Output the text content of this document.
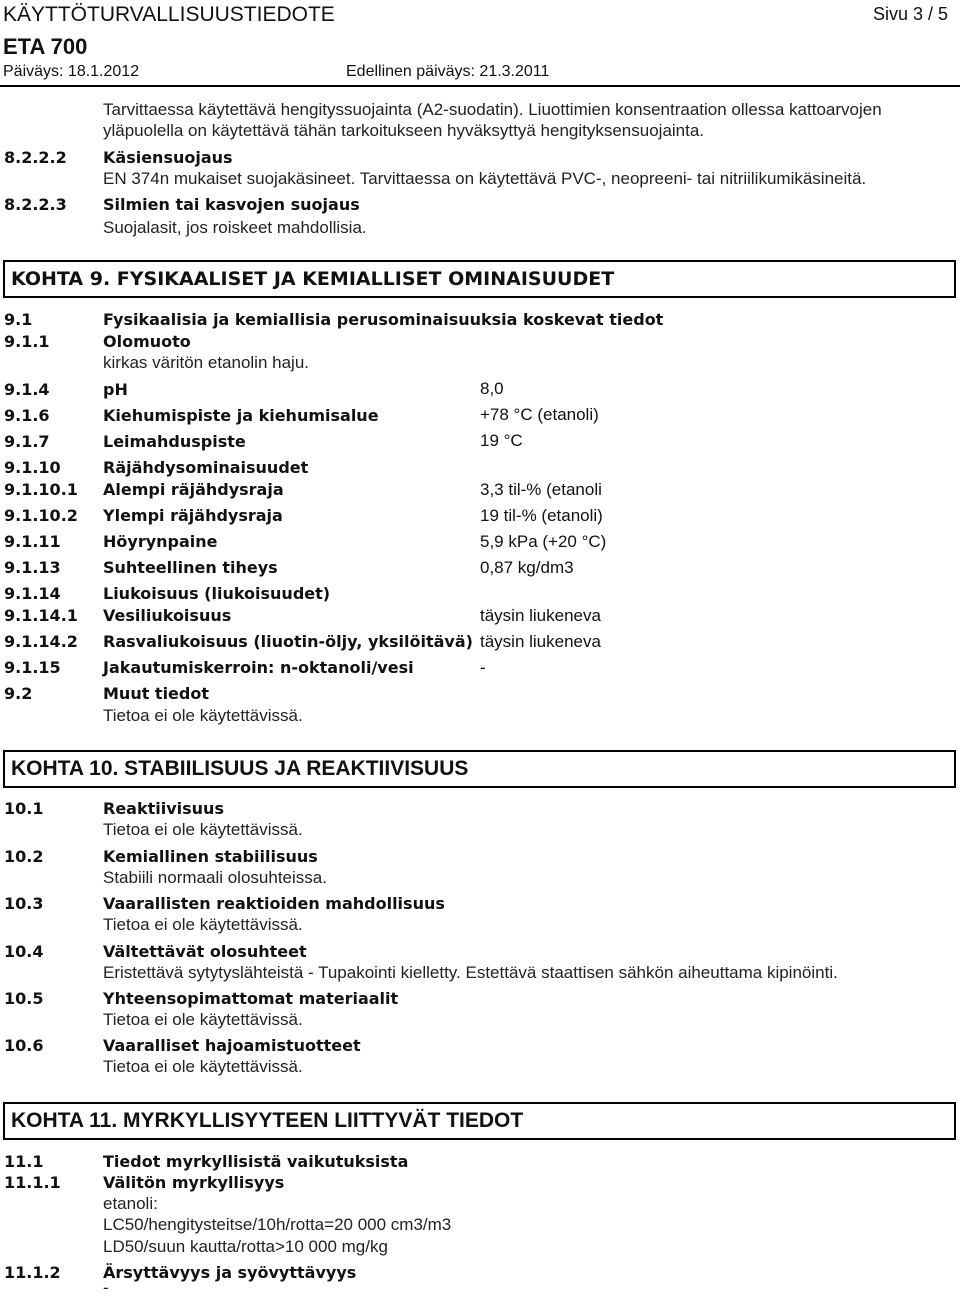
KÄYTTÖTURVALLISUUSTIEDOTE	Sivu 3 / 5
ETA 700
Päiväys: 18.1.2012	Edellinen päiväys: 21.3.2011
Tarvittaessa käytettävä hengityssuojainta (A2-suodatin). Liuottimien konsentraation ollessa kattoarvojen
yläpuolella on käytettävä tähän tarkoitukseen hyväksyttyä hengityksensuojainta.
8.2.2.2 Käsiensuojaus
EN 374n mukaiset suojakäsineet. Tarvittaessa on käytettävä PVC-, neopreeni- tai nitriilikumikäsineitä.
8.2.2.3 Silmien tai kasvojen suojaus
Suojalasit, jos roiskeet mahdollisia.
KOHTA 9. FYSIKAALISET JA KEMIALLISET OMINAISUUDET
9.1	Fysikaalisia ja kemiallisia perusominaisuuksia koskevat tiedot
9.1.1	Olomuoto
kirkas väritön etanolin haju.
9.1.4	pH	8,0
9.1.6	Kiehumispiste ja kiehumisalue	+78 °C (etanoli)
9.1.7	Leimahduspiste	19 °C
9.1.10	Räjähdysominaisuudet
9.1.10.1 Alempi räjähdysraja	3,3 til-% (etanoli
9.1.10.2 Ylempi räjähdysraja	19 til-% (etanoli)
9.1.11	Höyrynpaine	5,9 kPa (+20 °C)
9.1.13	Suhteellinen tiheys	0,87 kg/dm3
9.1.14	Liukoisuus (liukoisuudet)
9.1.14.1 Vesiliukoisuus	täysin liukeneva
9.1.14.2 Rasvaliukoisuus (liuotin-öljy, yksilöitävä) täysin liukeneva
9.1.15	Jakautumiskerroin: n-oktanoli/vesi	-
9.2	Muut tiedot
Tietoa ei ole käytettävissä.
KOHTA 10. STABIILISUUS JA REAKTIIVISUUS
10.1	Reaktiivisuus
Tietoa ei ole käytettävissä.
10.2	Kemiallinen stabiilisuus
Stabiili normaali olosuhteissa.
10.3	Vaarallisten reaktioiden mahdollisuus
Tietoa ei ole käytettävissä.
10.4	Vältettävät olosuhteet
Eristettävä sytytyslähteistä - Tupakointi kielletty. Estettävä staattisen sähkön aiheuttama kipinöinti.
10.5	Yhteensopimattomat materiaalit
Tietoa ei ole käytettävissä.
10.6	Vaaralliset hajoamistuotteet
Tietoa ei ole käytettävissä.
KOHTA 11. MYRKYLLISYYTEEN LIITTYVÄT TIEDOT
11.1	Tiedot myrkyllisistä vaikutuksista
11.1.1	Välitön myrkyllisyys
etanoli:
LC50/hengitysteitse/10h/rotta=20 000 cm3/m3
LD50/suun kautta/rotta>10 000 mg/kg
11.1.2	Ärsyttävyys ja syövyttävyys
-
